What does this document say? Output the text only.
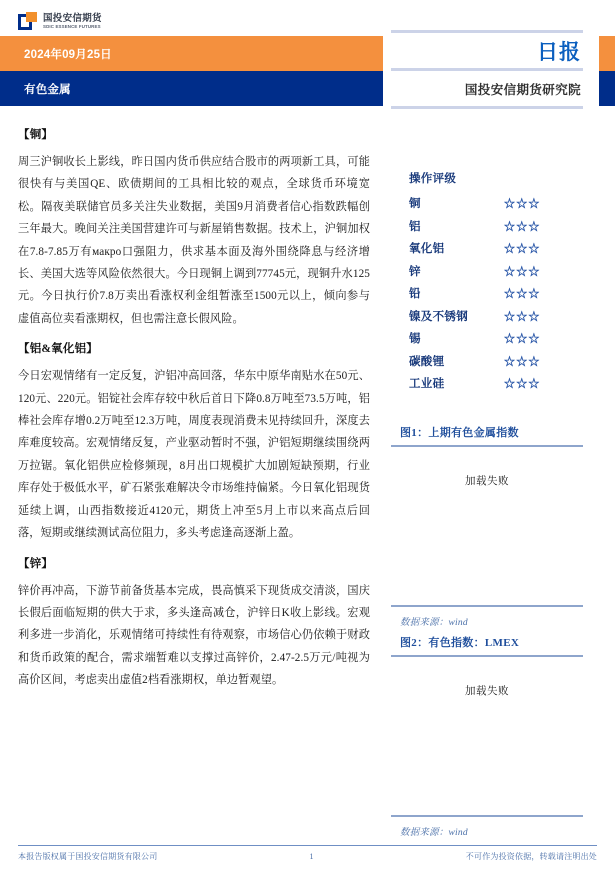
国投安信期货
SDIC ESSENCE FUTURES
2024年09月25日
有色金属
日报
国投安信期货研究院

【铜】

周三沪铜收长上影线，昨日国内货币供应结合股市的两项新工具，可能很快有与美国QE、欧债期间的工具相比较的观点，全球货币环境宽松。隔夜美联储官员多关注失业数据，美国9月消费者信心指数跌幅创三年最大。晚间关注美国营建许可与新屋销售数据。技术上，沪铜加权在7.8-7.85万有макро口强阻力，供求基本面及海外围绕降息与经济增长、美国大选等风险依然很大。今日现铜上调到77745元，现铜升水125元。今日执行价7.8万卖出看涨权利金组暂涨至1500元以上，倾向参与虚值高位卖看涨期权，但也需注意长假风险。

【铝&氧化铝】

今日宏观情绪有一定反复，沪铝冲高回落，华东中原华南贴水在50元、120元、220元。铝锭社会库存较中秋后首日下降0.8万吨至73.5万吨，铝棒社会库存增0.2万吨至12.3万吨，周度表现消费未见持续回升，深度去库难度较高。宏观情绪反复，产业驱动暂时不强，沪铝短期继续围绕两万拉锯。氧化铝供应检修频现，8月出口规模扩大加剧短缺预期，行业库存处于极低水平，矿石紧张难解决令市场维持偏紧。今日氧化铝现货延续上调，山西指数接近4120元，期货上冲至5月上市以来高点后回落，短期或继续测试高位阻力，多头考虑逢高逐渐上盈。

【锌】

锌价再冲高，下游节前备货基本完成，畏高慎采下现货成交清淡，国庆长假后面临短期的供大于求，多头逢高减仓，沪锌日K收上影线。宏观利多进一步消化，乐观情绪可持续性有待观察，市场信心仍依赖于财政和货币政策的配合，需求端暂难以支撑过高锌价，2.47-2.5万元/吨视为高价区间，考虑卖出虚值2档看涨期权，单边暂观望。

操作评级	
铜	☆☆☆
铝	☆☆☆
氧化铝	☆☆☆
锌	☆☆☆
铅	☆☆☆
镍及不锈钢	☆☆☆
锡	☆☆☆
碳酸锂	☆☆☆
工业硅	☆☆☆
图1：上期有色金属指数
加载失败
数据来源：wind
图2：有色指数：LMEX
加载失败
数据来源：wind
本报告版权属于国投安信期货有限公司	1	不可作为投资依据，转载请注明出处
